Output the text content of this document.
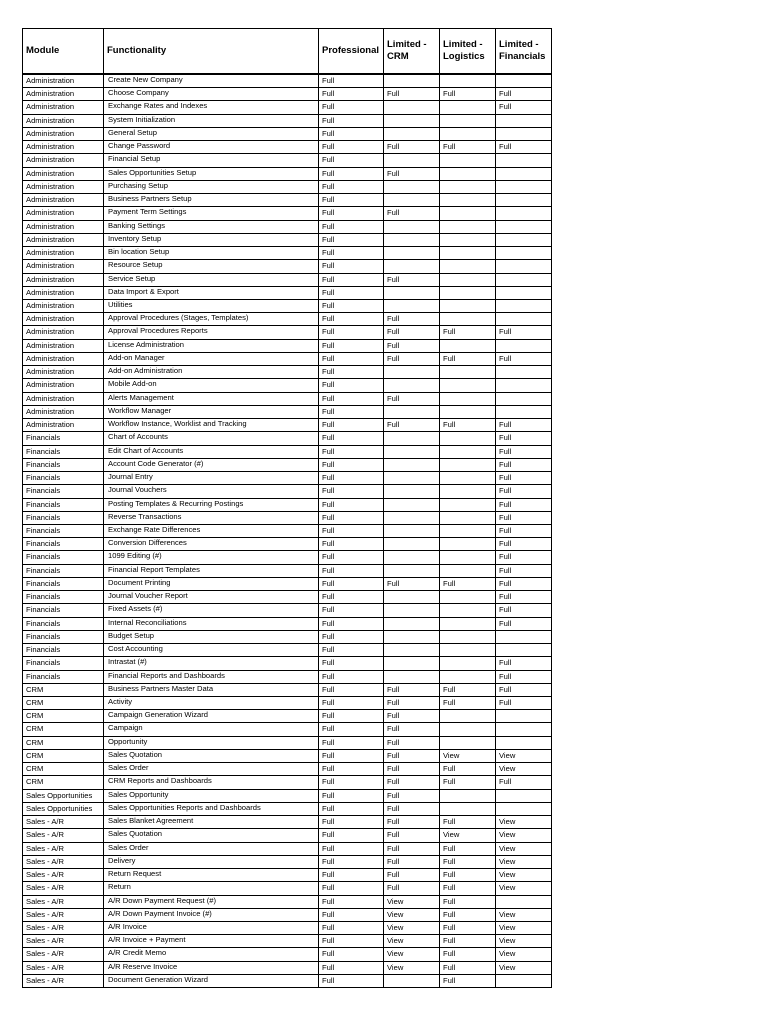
Module	Functionality	Professional	Limited - CRM	Limited - Logistics	Limited - Financials
Administration	Create New Company	Full			
Administration	Choose Company	Full	Full	Full	Full
Administration	Exchange Rates and Indexes	Full			Full
Administration	System Initialization	Full			
Administration	General Setup	Full			
Administration	Change Password	Full	Full	Full	Full
Administration	Financial Setup	Full			
Administration	Sales Opportunities Setup	Full	Full		
Administration	Purchasing Setup	Full			
Administration	Business Partners Setup	Full			
Administration	Payment Term Settings	Full	Full		
Administration	Banking Settings	Full			
Administration	Inventory Setup	Full			
Administration	Bin location Setup	Full			
Administration	Resource Setup	Full			
Administration	Service Setup	Full	Full		
Administration	Data Import & Export	Full			
Administration	Utilities	Full			
Administration	Approval Procedures (Stages, Templates)	Full	Full		
Administration	Approval Procedures Reports	Full	Full	Full	Full
Administration	License Administration	Full	Full		
Administration	Add-on Manager	Full	Full	Full	Full
Administration	Add-on Administration	Full			
Administration	Mobile Add-on	Full			
Administration	Alerts Management	Full	Full		
Administration	Workflow Manager	Full			
Administration	Workflow Instance, Worklist and Tracking	Full	Full	Full	Full
Financials	Chart of Accounts	Full			Full
Financials	Edit Chart of Accounts	Full			Full
Financials	Account Code Generator (#)	Full			Full
Financials	Journal Entry	Full			Full
Financials	Journal Vouchers	Full			Full
Financials	Posting Templates & Recurring Postings	Full			Full
Financials	Reverse Transactions	Full			Full
Financials	Exchange Rate Differences	Full			Full
Financials	Conversion Differences	Full			Full
Financials	1099 Editing (#)	Full			Full
Financials	Financial Report Templates	Full			Full
Financials	Document Printing	Full	Full	Full	Full
Financials	Journal Voucher Report	Full			Full
Financials	Fixed Assets (#)	Full			Full
Financials	Internal Reconciliations	Full			Full
Financials	Budget Setup	Full			
Financials	Cost Accounting	Full			
Financials	Intrastat (#)	Full			Full
Financials	Financial Reports and Dashboards	Full			Full
CRM	Business Partners Master Data	Full	Full	Full	Full
CRM	Activity	Full	Full	Full	Full
CRM	Campaign Generation Wizard	Full	Full		
CRM	Campaign	Full	Full		
CRM	Opportunity	Full	Full		
CRM	Sales Quotation	Full	Full	View	View
CRM	Sales Order	Full	Full	Full	View
CRM	CRM Reports and Dashboards	Full	Full	Full	Full
Sales Opportunities	Sales Opportunity	Full	Full		
Sales Opportunities	Sales Opportunities Reports and Dashboards	Full	Full		
Sales - A/R	Sales Blanket Agreement	Full	Full	Full	View
Sales - A/R	Sales Quotation	Full	Full	View	View
Sales - A/R	Sales Order	Full	Full	Full	View
Sales - A/R	Delivery	Full	Full	Full	View
Sales - A/R	Return Request	Full	Full	Full	View
Sales - A/R	Return	Full	Full	Full	View
Sales - A/R	A/R Down Payment Request (#)	Full	View	Full	
Sales - A/R	A/R Down Payment Invoice (#)	Full	View	Full	View
Sales - A/R	A/R Invoice	Full	View	Full	View
Sales - A/R	A/R Invoice + Payment	Full	View	Full	View
Sales - A/R	A/R Credit Memo	Full	View	Full	View
Sales - A/R	A/R Reserve Invoice	Full	View	Full	View
Sales - A/R	Document Generation Wizard	Full		Full	
